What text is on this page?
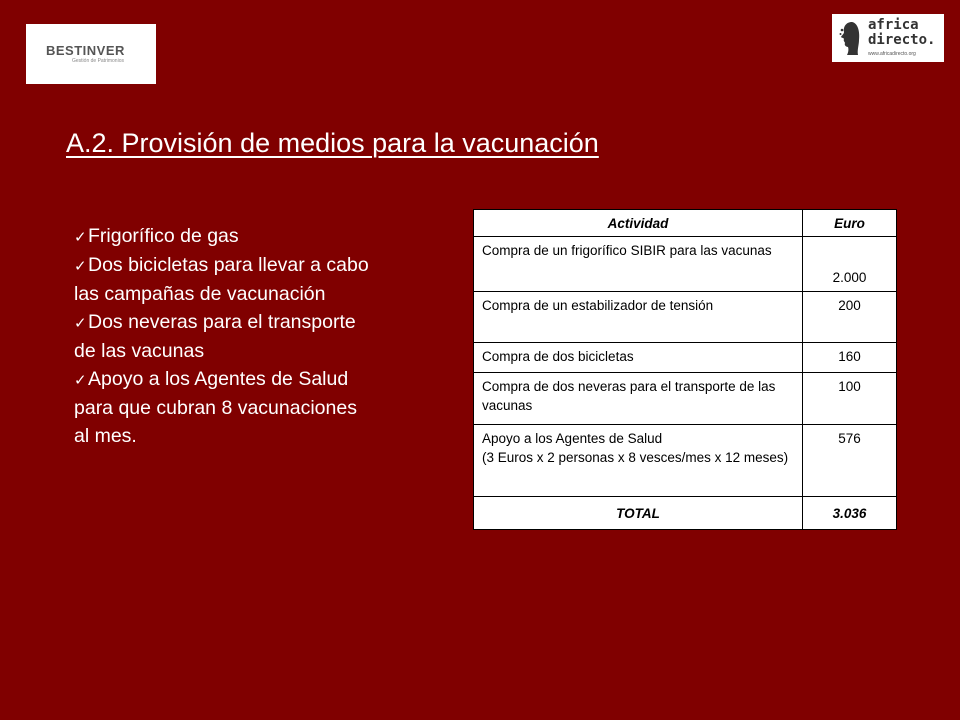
BESTINVER
Gestión de Patrimonios
africa
directo.
www.africadirecto.org
A.2. Provisión de medios para la vacunación
✓Frigorífico de gas
✓Dos bicicletas para llevar a cabo las campañas de vacunación
✓Dos neveras para el transporte de las vacunas
✓Apoyo a los Agentes de Salud para que cubran 8 vacunaciones al mes.
Actividad	Euro
Compra de un frigorífico SIBIR para las vacunas	2.000
Compra de un estabilizador de tensión	200
Compra de dos bicicletas	160
Compra de dos neveras para el transporte de las vacunas	100
Apoyo a los Agentes de Salud
(3 Euros x 2 personas x 8 vesces/mes x 12 meses)	576
TOTAL	3.036
